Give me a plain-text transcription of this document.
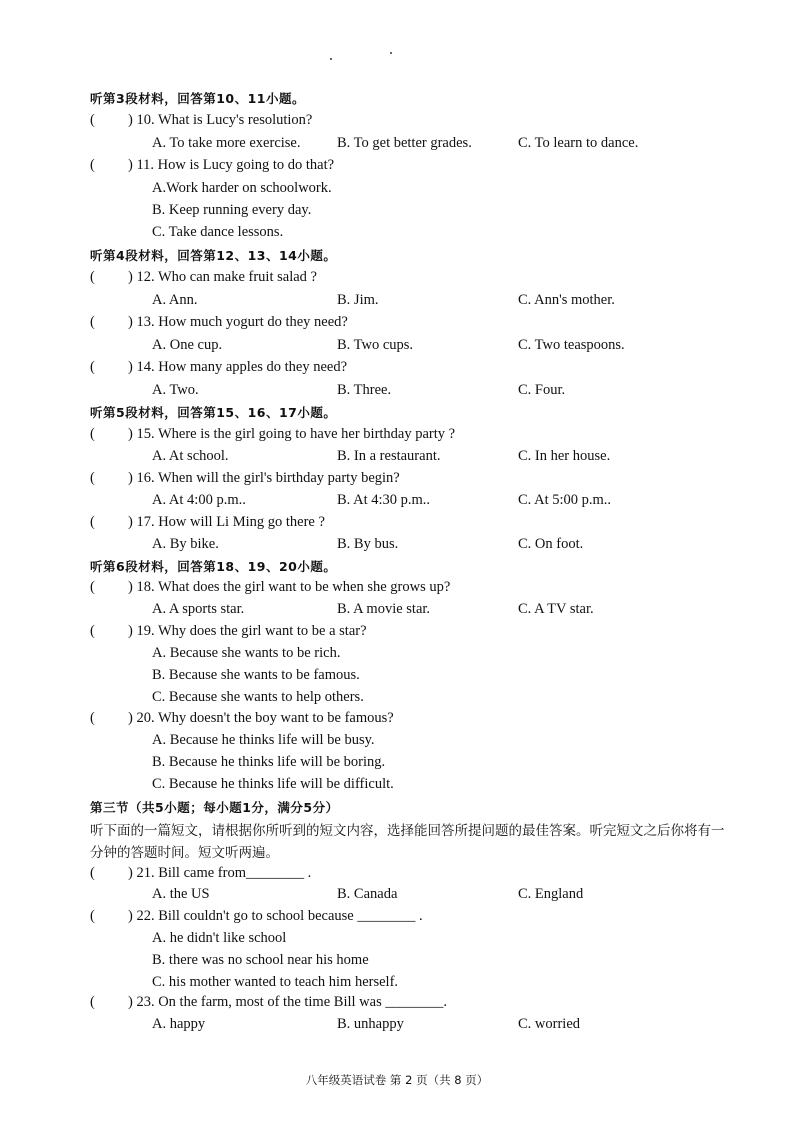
听第3段材料，回答第10、11小题。
( ) 10. What is Lucy's resolution?
A. To take more exercise.	B. To get better grades.	C. To learn to dance.
( ) 11. How is Lucy going to do that?
A.Work harder on schoolwork.
B. Keep running every day.
C. Take dance lessons.
听第4段材料，回答第12、13、14小题。
( ) 12. Who can make fruit salad ?
A. Ann.	B. Jim.	C. Ann's mother.
( ) 13. How much yogurt do they need?
A. One cup.	B. Two cups.	C. Two teaspoons.
( ) 14. How many apples do they need?
A. Two.	B. Three.	C. Four.
听第5段材料，回答第15、16、17小题。
( ) 15. Where is the girl going to have her birthday party ?
A. At school.	B. In a restaurant.	C. In her house.
( ) 16. When will the girl's birthday party begin?
A. At 4:00 p.m..	B. At 4:30 p.m..	C. At 5:00 p.m..
( ) 17. How will Li Ming go there ?
A. By bike.	B. By bus.	C. On foot.
听第6段材料，回答第18、19、20小题。
( ) 18. What does the girl want to be when she grows up?
A. A sports star.	B. A movie star.	C. A TV star.
( ) 19. Why does the girl want to be a star?
A. Because she wants to be rich.
B. Because she wants to be famous.
C. Because she wants to help others.
( ) 20. Why doesn't the boy want to be famous?
A. Because he thinks life will be busy.
B. Because he thinks life will be boring.
C. Because he thinks life will be difficult.
第三节（共5小题；每小题1分，满分5分）
听下面的一篇短文，请根据你所听到的短文内容，选择能回答所提问题的最佳答案。听完短文之后你将有一分钟的答题时间。短文听两遍。
( ) 21. Bill came from________ .
A. the US	B. Canada	C. England
( ) 22. Bill couldn't go to school because ________ .
A. he didn't like school
B. there was no school near his home
C. his mother wanted to teach him herself.
( ) 23. On the farm, most of the time Bill was ________.
A. happy	B. unhappy	C. worried
八年级英语试卷 第 2 页（共 8 页）
